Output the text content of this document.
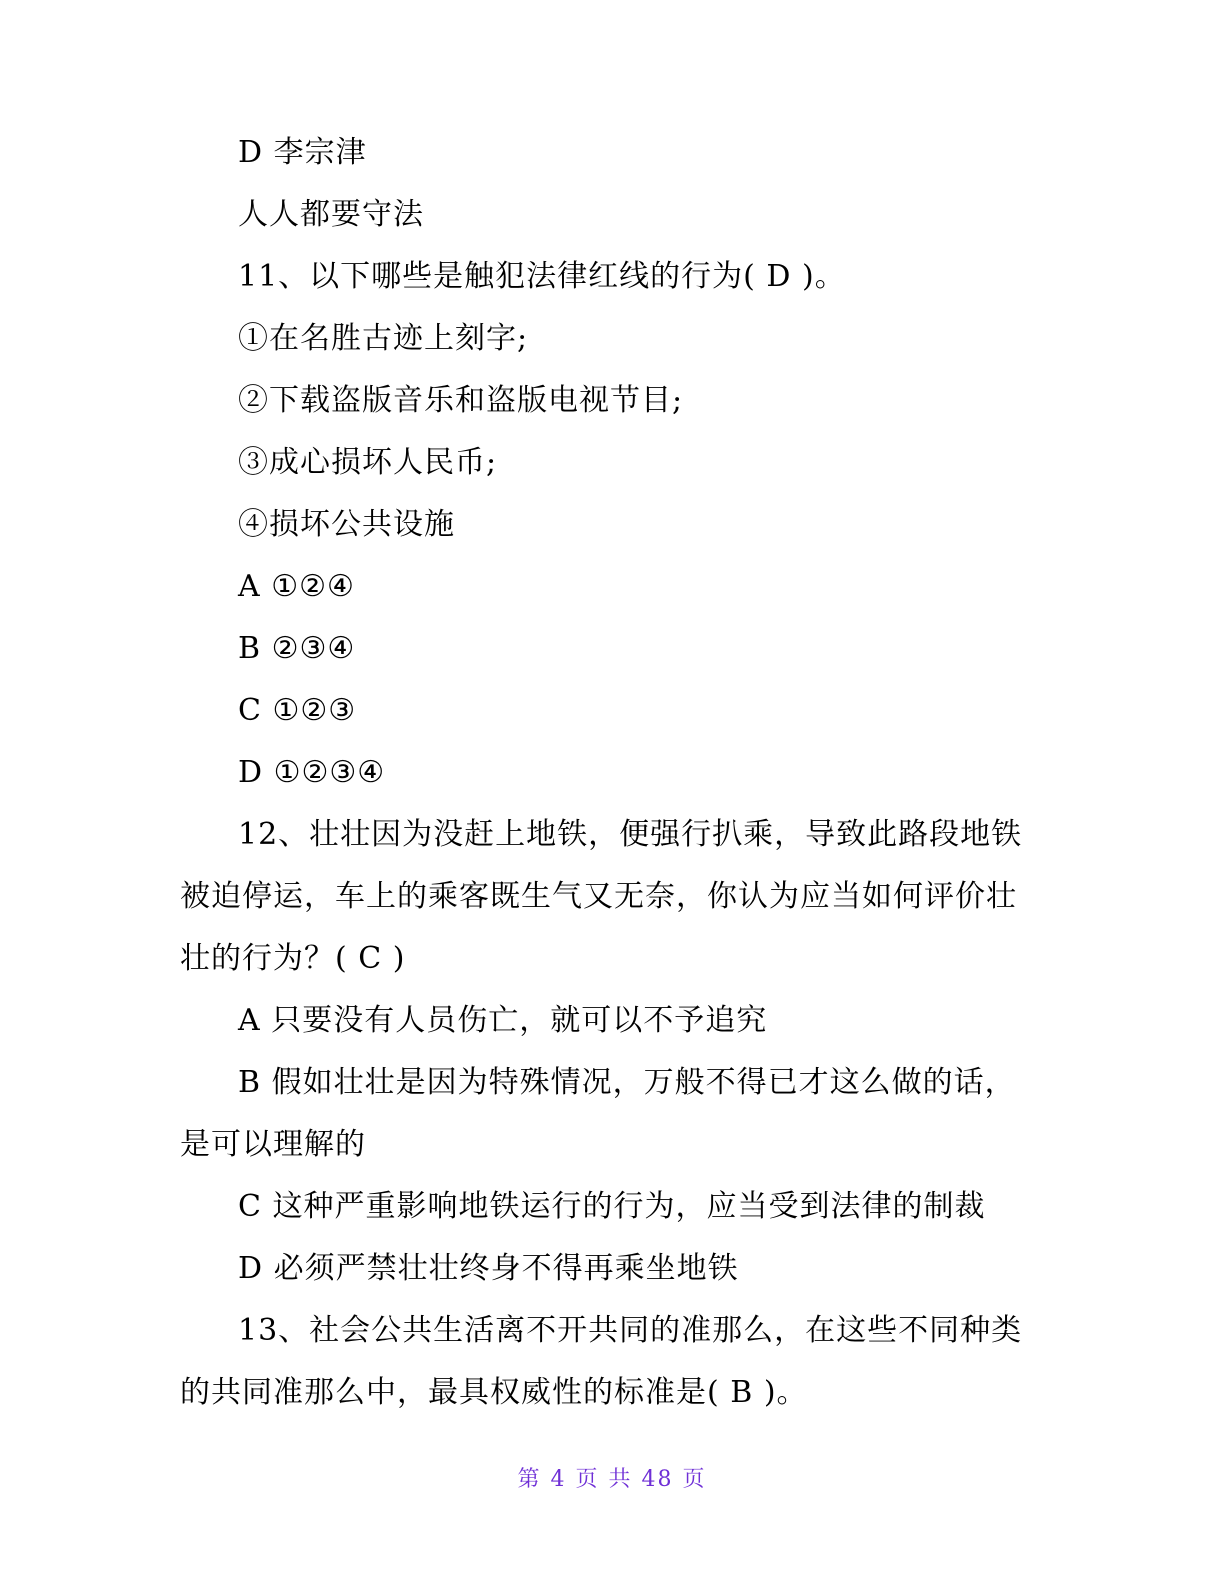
D 李宗津
人人都要守法
11、以下哪些是触犯法律红线的行为( D )。
①在名胜古迹上刻字;
②下载盗版音乐和盗版电视节目;
③成心损坏人民币;
④损坏公共设施
A ①②④
B ②③④
C ①②③
D ①②③④
12、壮壮因为没赶上地铁，便强行扒乘，导致此路段地铁
被迫停运，车上的乘客既生气又无奈，你认为应当如何评价壮
壮的行为？( C )
A 只要没有人员伤亡，就可以不予追究
B 假如壮壮是因为特殊情况，万般不得已才这么做的话，
是可以理解的
C 这种严重影响地铁运行的行为，应当受到法律的制裁
D 必须严禁壮壮终身不得再乘坐地铁
13、社会公共生活离不开共同的准那么，在这些不同种类
的共同准那么中，最具权威性的标准是( B )。
第 4 页 共 48 页
